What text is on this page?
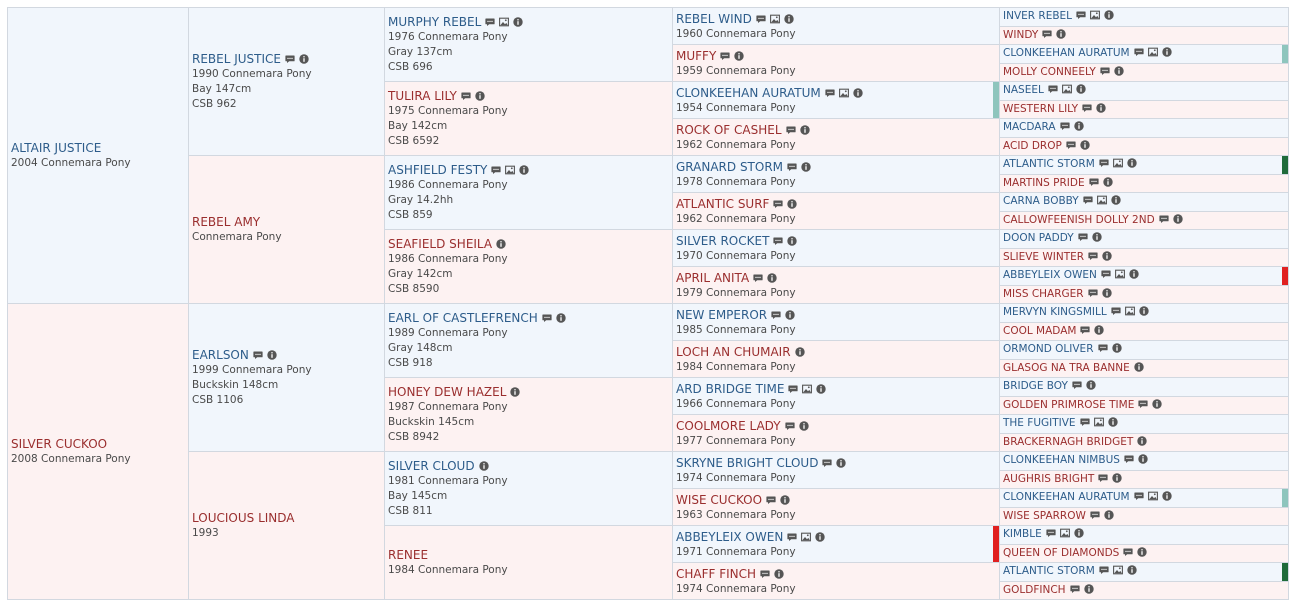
ALTAIR JUSTICE
2004 Connemara Pony
SILVER CUCKOO
2008 Connemara Pony
REBEL JUSTICE
1990 Connemara Pony
Bay 147cm
CSB 962
REBEL AMY
Connemara Pony
EARLSON
1999 Connemara Pony
Buckskin 148cm
CSB 1106
LOUCIOUS LINDA
1993
MURPHY REBEL
1976 Connemara Pony
Gray 137cm
CSB 696
TULIRA LILY
1975 Connemara Pony
Bay 142cm
CSB 6592
ASHFIELD FESTY
1986 Connemara Pony
Gray 14.2hh
CSB 859
SEAFIELD SHEILA
1986 Connemara Pony
Gray 142cm
CSB 8590
EARL OF CASTLEFRENCH
1989 Connemara Pony
Gray 148cm
CSB 918
HONEY DEW HAZEL
1987 Connemara Pony
Buckskin 145cm
CSB 8942
SILVER CLOUD
1981 Connemara Pony
Bay 145cm
CSB 811
RENEE
1984 Connemara Pony
REBEL WIND
1960 Connemara Pony
MUFFY
1959 Connemara Pony
CLONKEEHAN AURATUM
1954 Connemara Pony
ROCK OF CASHEL
1962 Connemara Pony
GRANARD STORM
1978 Connemara Pony
ATLANTIC SURF
1962 Connemara Pony
SILVER ROCKET
1970 Connemara Pony
APRIL ANITA
1979 Connemara Pony
NEW EMPEROR
1985 Connemara Pony
LOCH AN CHUMAIR
1984 Connemara Pony
ARD BRIDGE TIME
1966 Connemara Pony
COOLMORE LADY
1977 Connemara Pony
SKRYNE BRIGHT CLOUD
1974 Connemara Pony
WISE CUCKOO
1963 Connemara Pony
ABBEYLEIX OWEN
1971 Connemara Pony
CHAFF FINCH
1974 Connemara Pony
INVER REBEL
WINDY
CLONKEEHAN AURATUM
MOLLY CONNEELY
NASEEL
WESTERN LILY
MACDARA
ACID DROP
ATLANTIC STORM
MARTINS PRIDE
CARNA BOBBY
CALLOWFEENISH DOLLY 2ND
DOON PADDY
SLIEVE WINTER
ABBEYLEIX OWEN
MISS CHARGER
MERVYN KINGSMILL
COOL MADAM
ORMOND OLIVER
GLASOG NA TRA BANNE
BRIDGE BOY
GOLDEN PRIMROSE TIME
THE FUGITIVE
BRACKERNAGH BRIDGET
CLONKEEHAN NIMBUS
AUGHRIS BRIGHT
CLONKEEHAN AURATUM
WISE SPARROW
KIMBLE
QUEEN OF DIAMONDS
ATLANTIC STORM
GOLDFINCH
